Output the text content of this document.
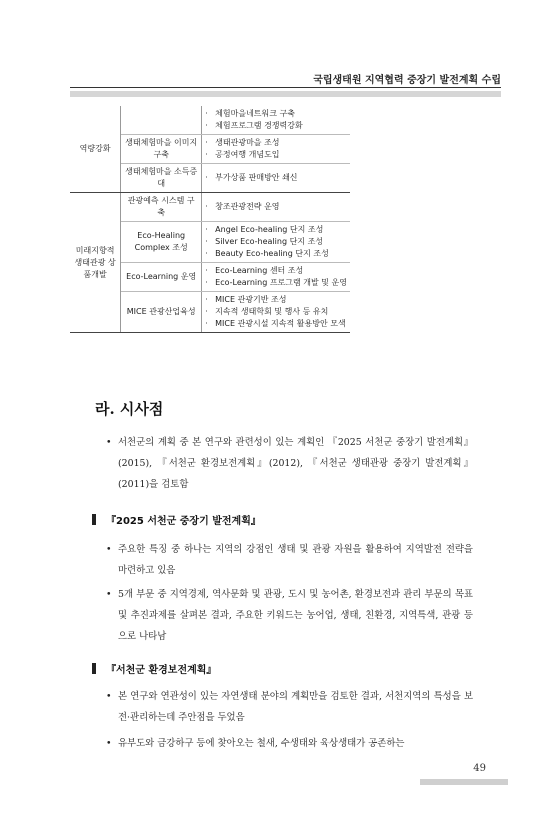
국립생태원 지역협력 중장기 발전계획 수립
역량강화		· 체험마을네트워크 구축
· 체험프로그램 경쟁력강화

	생태체험마을 이미지 구축	· 생태관광마을 조성
· 공정여행 개념도입

	생태체험마을 소득증대	· 부가상품 판매방안 쇄신

미래지향적 생태관광 상품개발	관광예측 시스템 구축	· 창조관광전략 운영

	Eco-Healing Complex 조성	· Angel Eco-healing 단지 조성
· Silver Eco-healing 단지 조성
· Beauty Eco-healing 단지 조성

	Eco-Learning 운영	· Eco-Learning 센터 조성
· Eco-Learning 프로그램 개발 및 운영

	MICE 관광산업육성	· MICE 관광기반 조성
· 지속적 생태학회 및 행사 등 유치
· MICE 관광시설 지속적 활용방안 모색
라. 시사점
• 서천군의 계획 중 본 연구와 관련성이 있는 계획인 『2025 서천군 중장기 발전계획』(2015), 『서천군 환경보전계획』(2012), 『서천군 생태관광 중장기 발전계획』(2011)을 검토함
『2025 서천군 중장기 발전계획』
• 주요한 특징 중 하나는 지역의 강점인 생태 및 관광 자원을 활용하여 지역발전 전략을 마련하고 있음
• 5개 부문 중 지역경제, 역사문화 및 관광, 도시 및 농어촌, 환경보전과 관리 부문의 목표 및 추진과제를 살펴본 결과, 주요한 키워드는 농어업, 생태, 친환경, 지역특색, 관광 등으로 나타남
『서천군 환경보전계획』
• 본 연구와 연관성이 있는 자연생태 분야의 계획만을 검토한 결과, 서천지역의 특성을 보전·관리하는데 주안점을 두었음
• 유부도와 금강하구 등에 찾아오는 철새, 수생태와 육상생태가 공존하는
49
